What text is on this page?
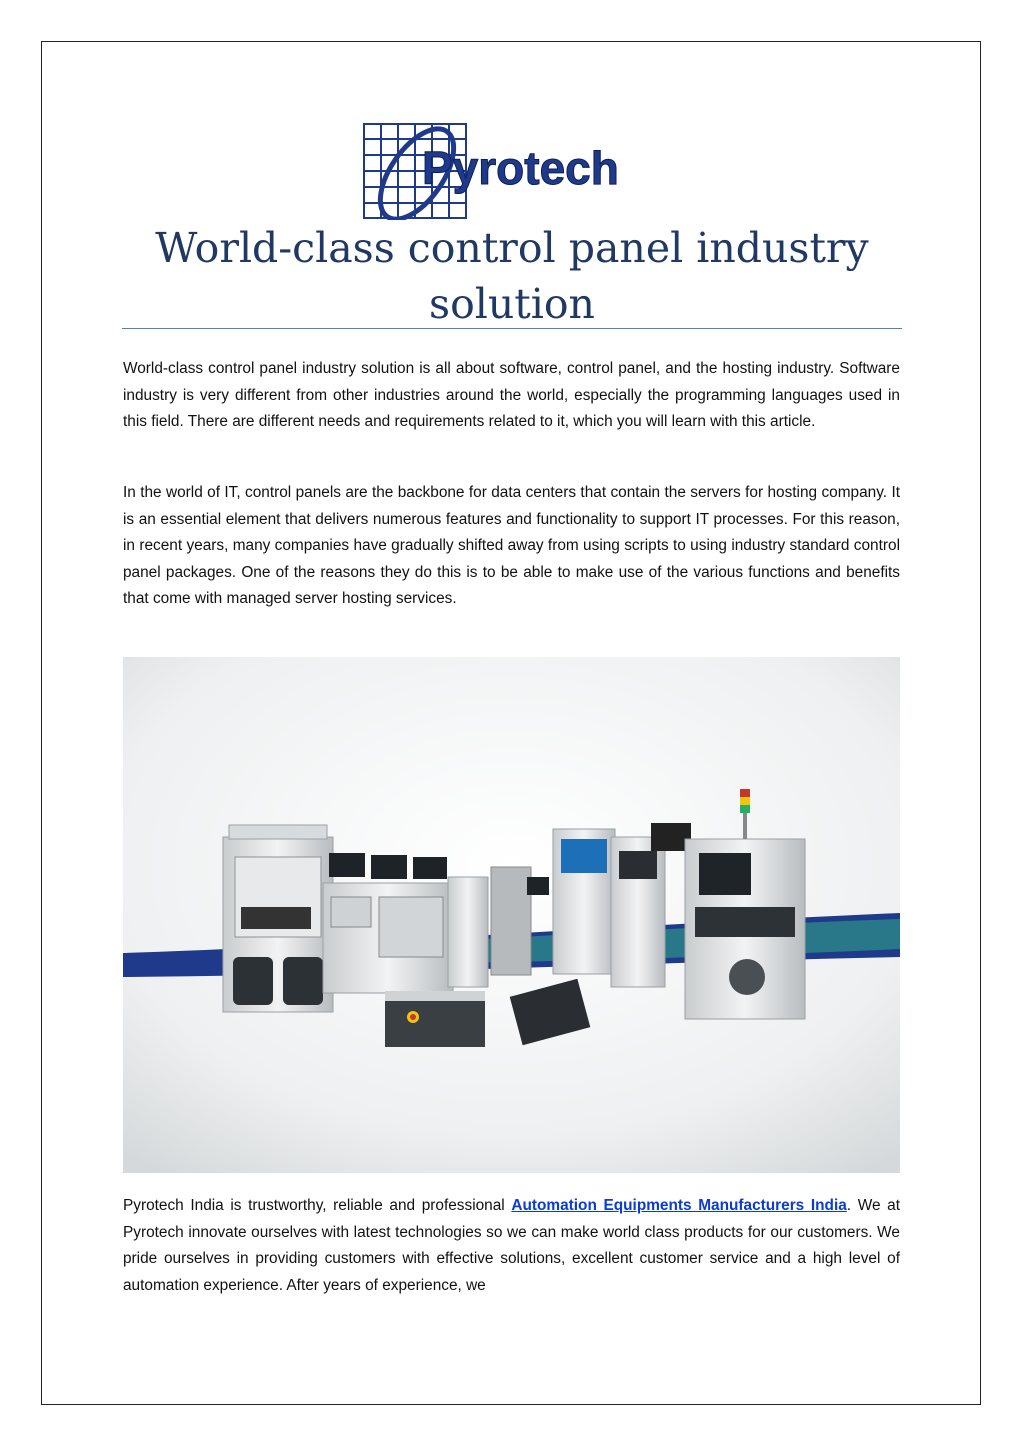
Pyrotech
World-class control panel industry
solution

World-class control panel industry solution is all about software, control panel, and the hosting industry. Software industry is very different from other industries around the world, especially the programming languages used in this field. There are different needs and requirements related to it, which you will learn with this article.

In the world of IT, control panels are the backbone for data centers that contain the servers for hosting company. It is an essential element that delivers numerous features and functionality to support IT processes. For this reason, in recent years, many companies have gradually shifted away from using scripts to using industry standard control panel packages. One of the reasons they do this is to be able to make use of the various functions and benefits that come with managed server hosting services.

Pyrotech India is trustworthy, reliable and professional Automation Equipments Manufacturers India. We at Pyrotech innovate ourselves with latest technologies so we can make world class products for our customers. We pride ourselves in providing customers with effective solutions, excellent customer service and a high level of automation experience. After years of experience, we
